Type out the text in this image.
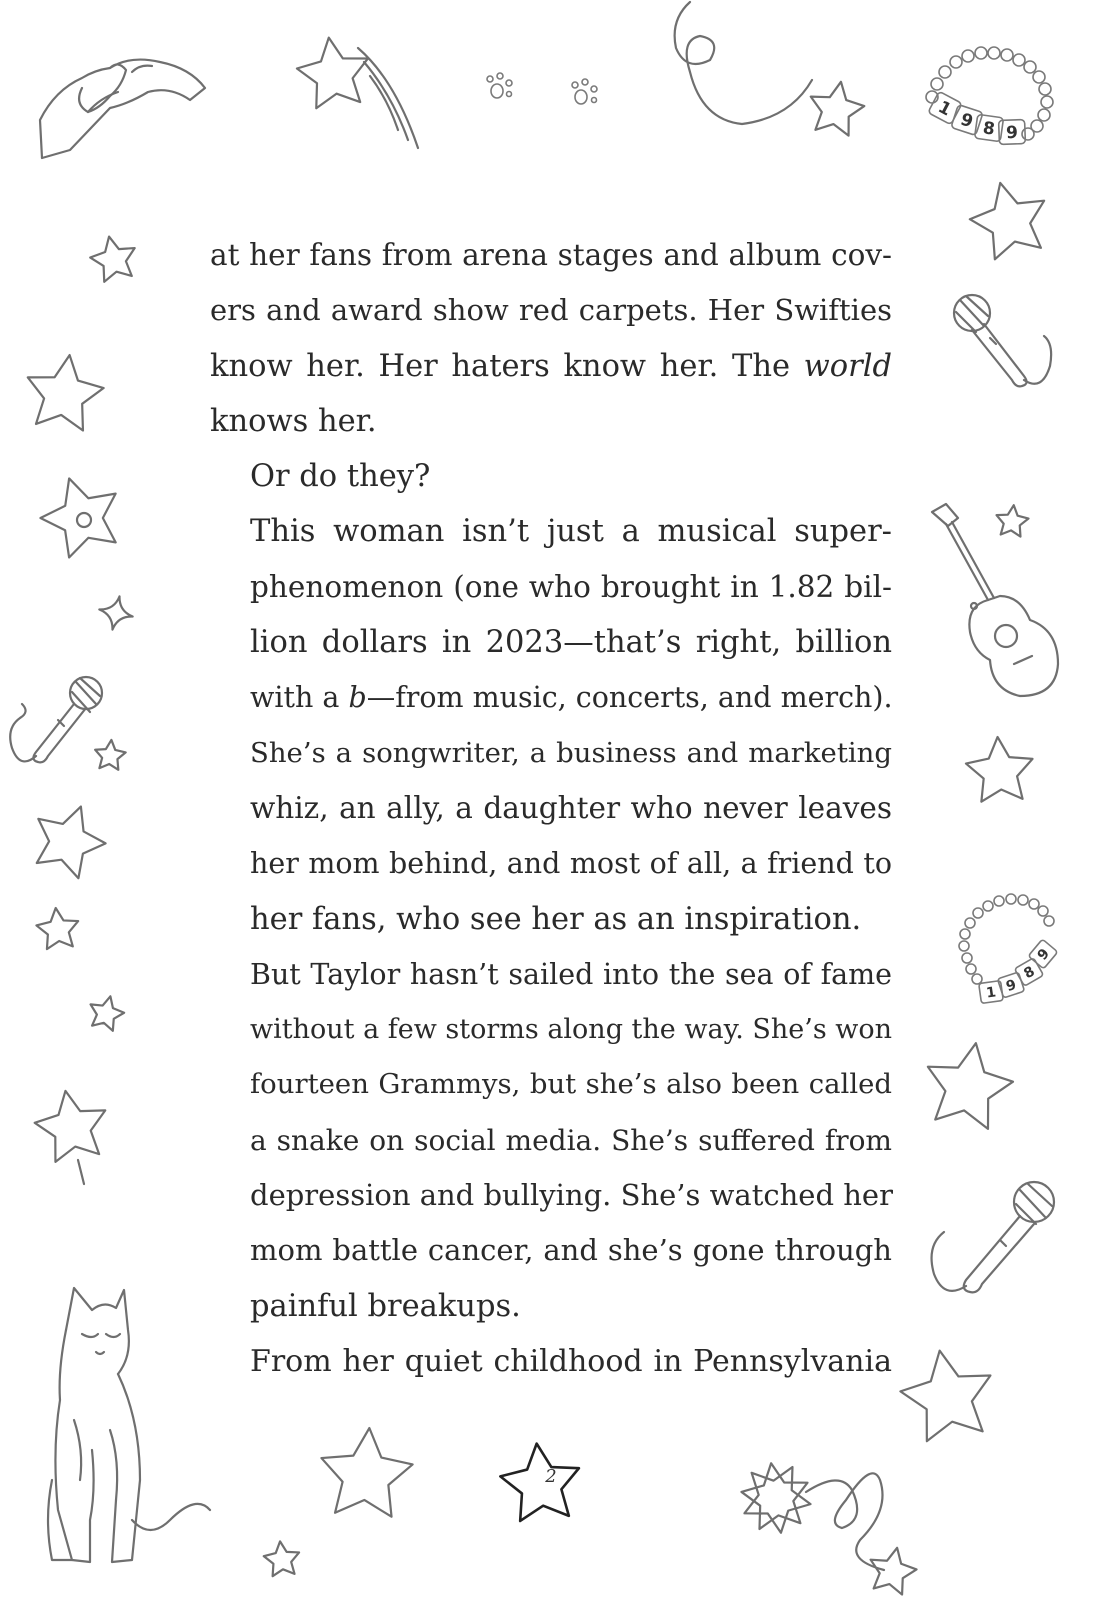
1
9 8 9
1 9
8
9

at her fans from arena stages and album cov-
ers and award show red carpets. Her Swifties
know her. Her haters know her. The world
knows her.

Or do they?

This woman isn’t just a musical super-
phenomenon (one who brought in 1.82 bil-
lion dollars in 2023—that’s right, billion
with a b—from music, concerts, and merch).
She’s a songwriter, a business and marketing
whiz, an ally, a daughter who never leaves
her mom behind, and most of all, a friend to
her fans, who see her as an inspiration.

But Taylor hasn’t sailed into the sea of fame
without a few storms along the way. She’s won
fourteen Grammys, but she’s also been called
a snake on social media. She’s suffered from
depression and bullying. She’s watched her
mom battle cancer, and she’s gone through
painful breakups.

From her quiet childhood in Pennsylvania

2
